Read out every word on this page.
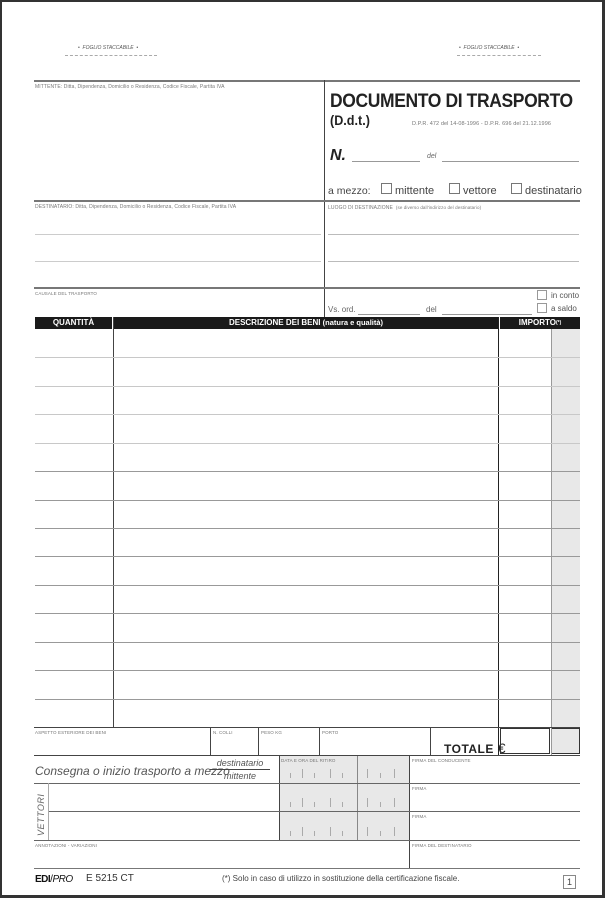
•  FOGLIO STACCABILE  •	•  FOGLIO STACCABILE  •
MITTENTE: Ditta, Dipendenza, Domicilio o Residenza, Codice Fiscale, Partita IVA
DOCUMENTO DI TRASPORTO
(D.d.t.)	D.P.R. 472 del 14-08-1996 - D.P.R. 696 del 21.12.1996
N.	del
a mezzo: mittente	vettore	destinatario
DESTINATARIO: Ditta, Dipendenza, Domicilio o Residenza, Codice Fiscale, Partita IVA	LUOGO DI DESTINAZIONE (se diverso dall'indirizzo del destinatario)
CAUSALE DEL TRASPORTO
Vs. ord.	del
in conto
a saldo
QUANTITÀ	DESCRIZIONE DEI BENI (natura e qualità)	IMPORTO(*)
ASPETTO ESTERIORE DEI BENI	N. COLLI	PESO KG	PORTO
TOTALE €
Consegna o inizio trasporto a mezzo
destinatario
mittente
DATA E ORA DEL RITIRO	FIRMA DEL CONDUCENTE
VETTORI
FIRMA
FIRMA
ANNOTAZIONI - VARIAZIONI	FIRMA DEL DESTINATARIO
EDI/PRO E 5215 CT	(*) Solo in caso di utilizzo in sostituzione della certificazione fiscale.	1
